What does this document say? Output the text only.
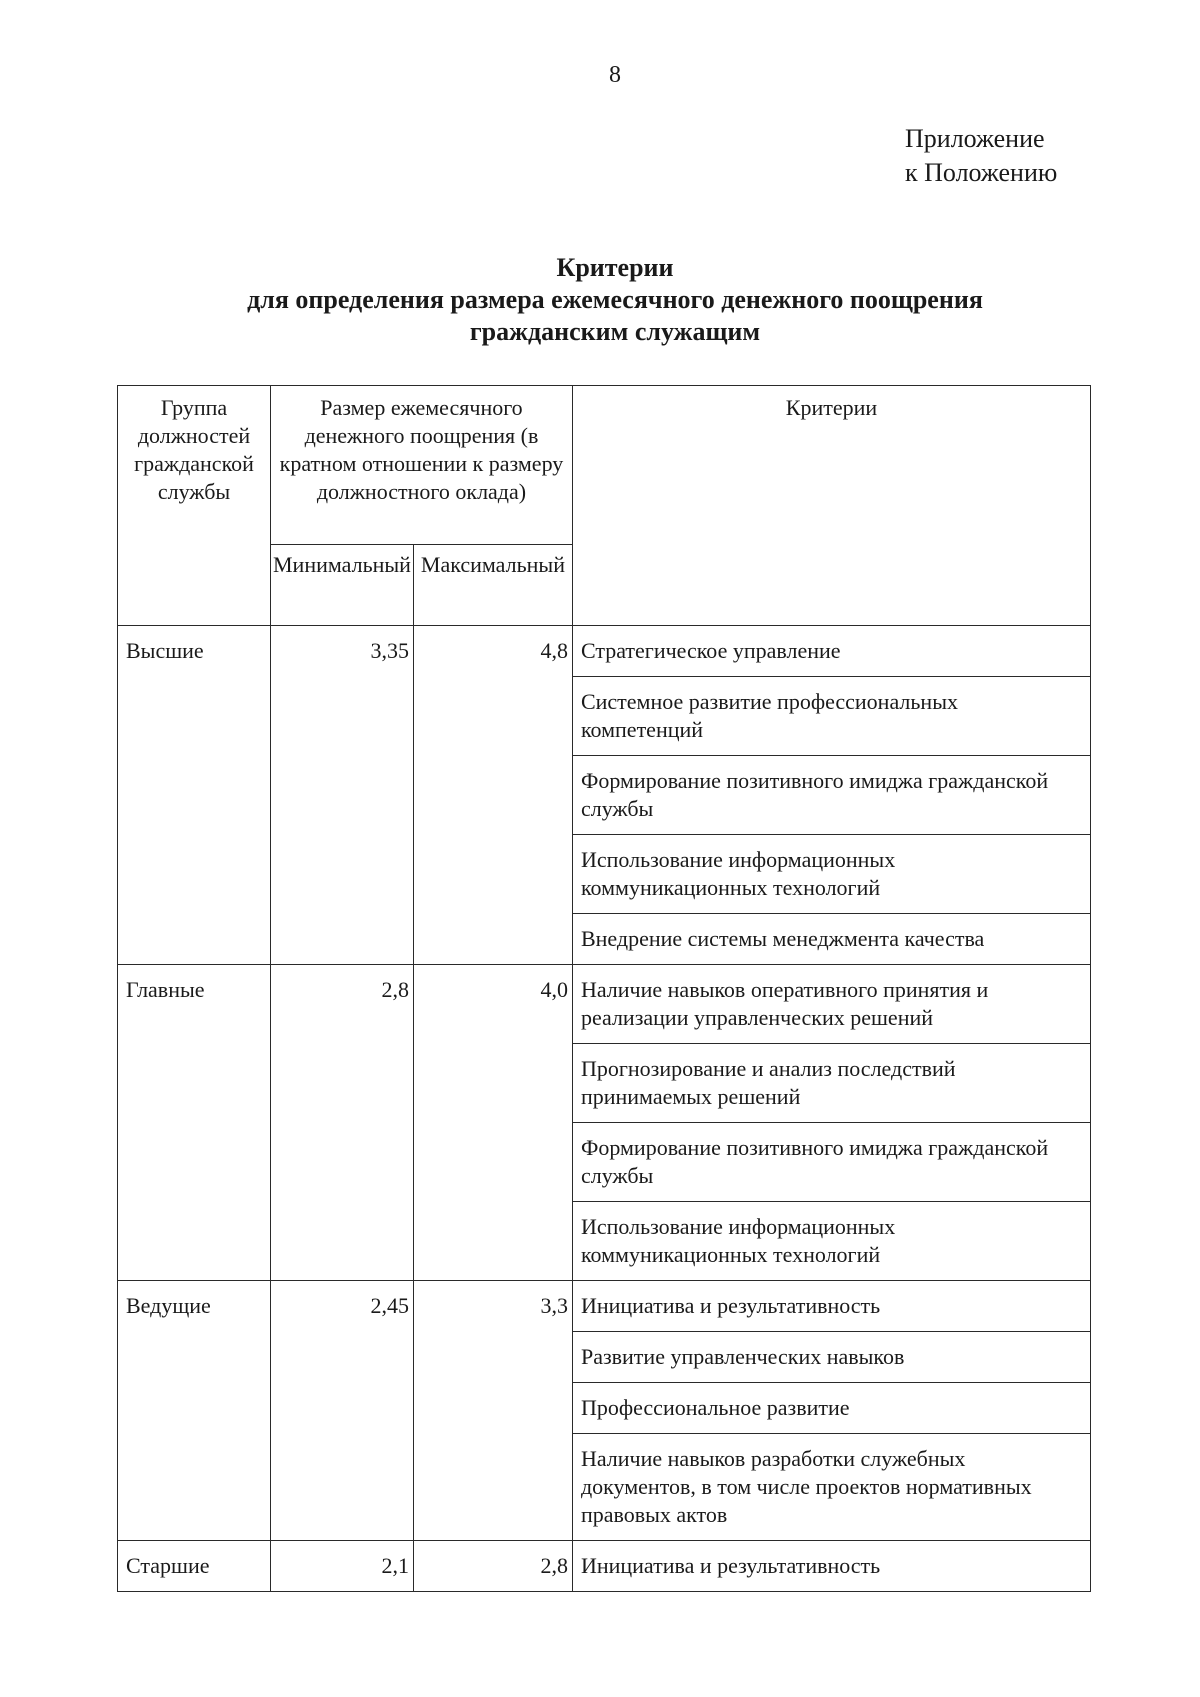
8
Приложение
к Положению
Критерии
для определения размера ежемесячного денежного поощрения
гражданским служащим
Группа должностей гражданской службы	Размер ежемесячного денежного поощрения (в кратном отношении к размеру должностного оклада)		Критерии
	Минимальный	Максимальный	
Высшие	3,35	4,8	Стратегическое управление
			Системное развитие профессиональных компетенций
			Формирование позитивного имиджа гражданской службы
			Использование информационных коммуникационных технологий
			Внедрение системы менеджмента качества
Главные	2,8	4,0	Наличие навыков оперативного принятия и реализации управленческих решений
			Прогнозирование и анализ последствий принимаемых решений
			Формирование позитивного имиджа гражданской службы
			Использование информационных коммуникационных технологий
Ведущие	2,45	3,3	Инициатива и результативность
			Развитие управленческих навыков
			Профессиональное развитие
			Наличие навыков разработки служебных документов, в том числе проектов нормативных правовых актов
Старшие	2,1	2,8	Инициатива и результативность
